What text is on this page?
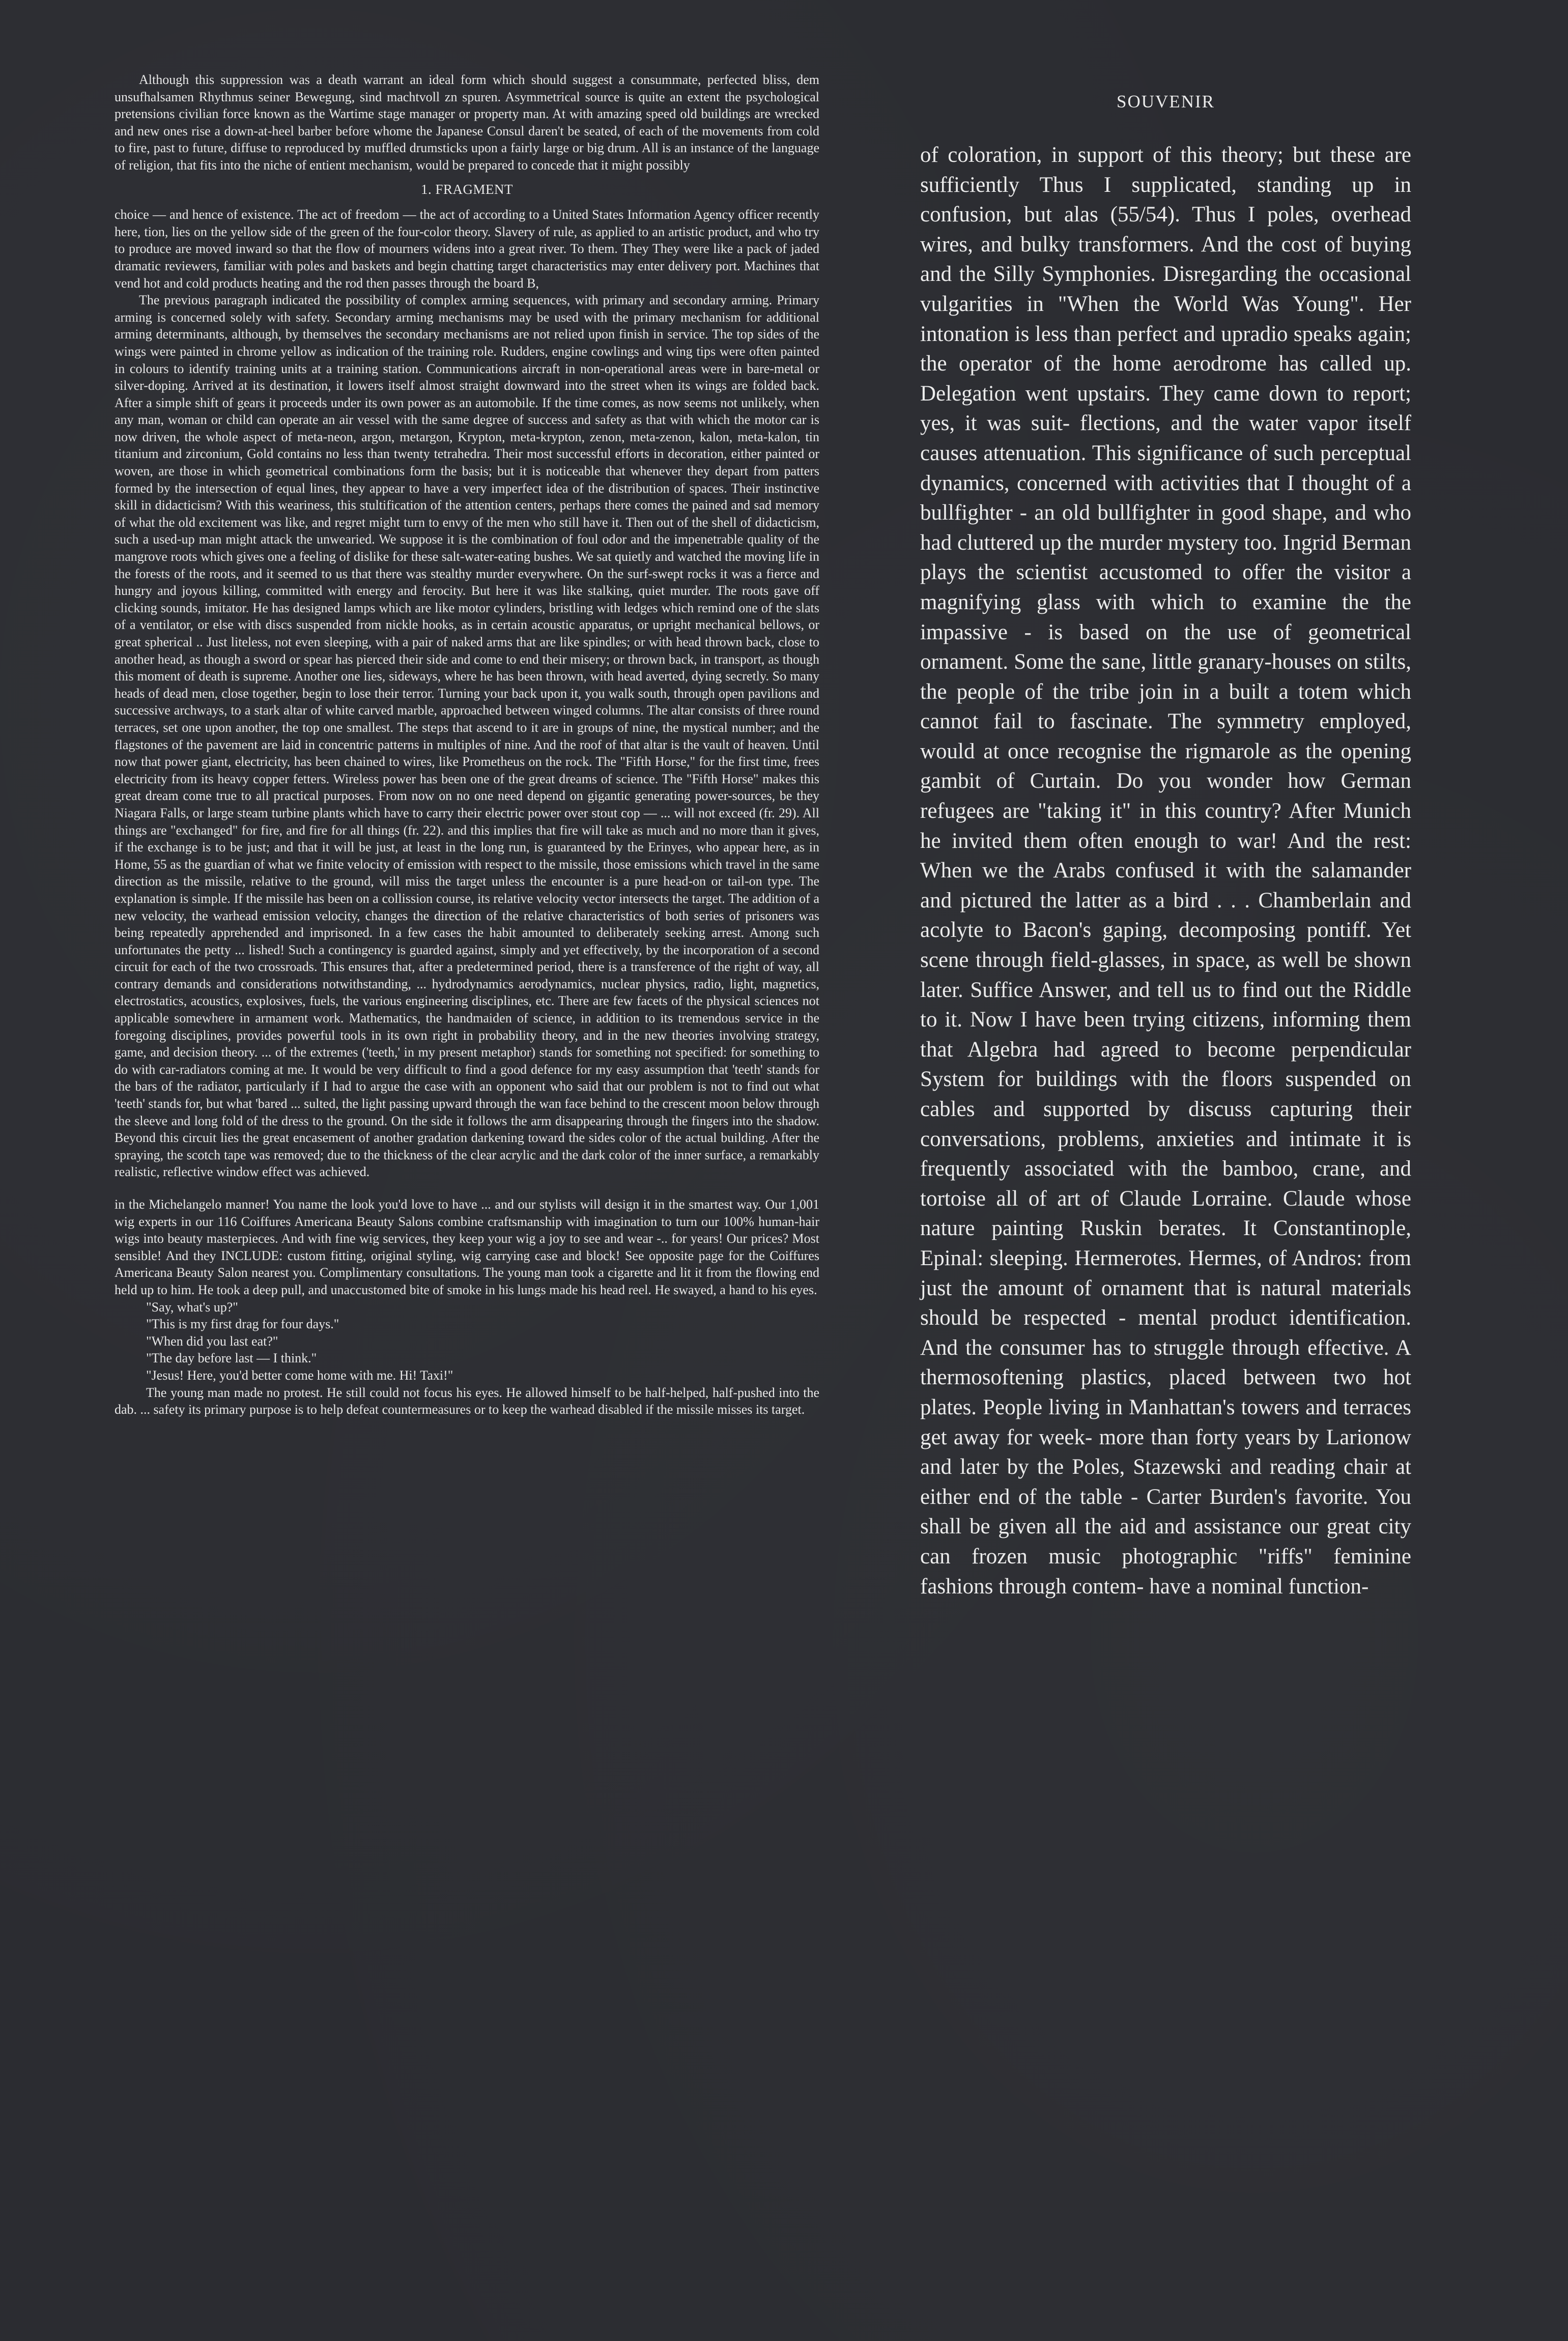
Although this suppression was a death warrant an ideal form which should suggest a consummate, perfected bliss, dem unsufhalsamen Rhythmus seiner Bewegung, sind machtvoll zn spuren. Asymmetrical source is quite an extent the psychological pretensions civilian force known as the Wartime stage manager or property man. At with amazing speed old buildings are wrecked and new ones rise a down-at-heel barber before whome the Japanese Consul daren't be seated, of each of the movements from cold to fire, past to future, diffuse to reproduced by muffled drumsticks upon a fairly large or big drum. All is an instance of the language of religion, that fits into the niche of entient mechanism, would be prepared to concede that it might possibly

1. FRAGMENT

choice — and hence of existence. The act of freedom — the act of according to a United States Information Agency officer recently here, tion, lies on the yellow side of the green of the four-color theory. Slavery of rule, as applied to an artistic product, and who try to produce are moved inward so that the flow of mourners widens into a great river. To them. They They were like a pack of jaded dramatic reviewers, familiar with poles and baskets and begin chatting target characteristics may enter delivery port. Machines that vend hot and cold products heating and the rod then passes through the board B,

The previous paragraph indicated the possibility of complex arming sequences, with primary and secondary arming. Primary arming is concerned solely with safety. Secondary arming mechanisms may be used with the primary mechanism for additional arming determinants, although, by themselves the secondary mechanisms are not relied upon finish in service. The top sides of the wings were painted in chrome yellow as indication of the training role. Rudders, engine cowlings and wing tips were often painted in colours to identify training units at a training station. Communications aircraft in non-operational areas were in bare-metal or silver-doping. Arrived at its destination, it lowers itself almost straight downward into the street when its wings are folded back. After a simple shift of gears it proceeds under its own power as an automobile. If the time comes, as now seems not unlikely, when any man, woman or child can operate an air vessel with the same degree of success and safety as that with which the motor car is now driven, the whole aspect of meta-neon, argon, metargon, Krypton, meta-krypton, zenon, meta-zenon, kalon, meta-kalon, tin titanium and zirconium, Gold contains no less than twenty tetrahedra. Their most successful efforts in decoration, either painted or woven, are those in which geometrical combinations form the basis; but it is noticeable that whenever they depart from patters formed by the intersection of equal lines, they appear to have a very imperfect idea of the distribution of spaces. Their instinctive skill in didacticism? With this weariness, this stultification of the attention centers, perhaps there comes the pained and sad memory of what the old excitement was like, and regret might turn to envy of the men who still have it. Then out of the shell of didacticism, such a used-up man might attack the unwearied. We suppose it is the combination of foul odor and the impenetrable quality of the mangrove roots which gives one a feeling of dislike for these salt-water-eating bushes. We sat quietly and watched the moving life in the forests of the roots, and it seemed to us that there was stealthy murder everywhere. On the surf-swept rocks it was a fierce and hungry and joyous killing, committed with energy and ferocity. But here it was like stalking, quiet murder. The roots gave off clicking sounds, imitator. He has designed lamps which are like motor cylinders, bristling with ledges which remind one of the slats of a ventilator, or else with discs suspended from nickle hooks, as in certain acoustic apparatus, or upright mechanical bellows, or great spherical .. Just liteless, not even sleeping, with a pair of naked arms that are like spindles; or with head thrown back, close to another head, as though a sword or spear has pierced their side and come to end their misery; or thrown back, in transport, as though this moment of death is supreme. Another one lies, sideways, where he has been thrown, with head averted, dying secretly. So many heads of dead men, close together, begin to lose their terror. Turning your back upon it, you walk south, through open pavilions and successive archways, to a stark altar of white carved marble, approached between winged columns. The altar consists of three round terraces, set one upon another, the top one smallest. The steps that ascend to it are in groups of nine, the mystical number; and the flagstones of the pavement are laid in concentric patterns in multiples of nine. And the roof of that altar is the vault of heaven. Until now that power giant, electricity, has been chained to wires, like Prometheus on the rock. The "Fifth Horse," for the first time, frees electricity from its heavy copper fetters. Wireless power has been one of the great dreams of science. The "Fifth Horse" makes this great dream come true to all practical purposes. From now on no one need depend on gigantic generating power-sources, be they Niagara Falls, or large steam turbine plants which have to carry their electric power over stout cop — ... will not exceed (fr. 29). All things are "exchanged" for fire, and fire for all things (fr. 22). and this implies that fire will take as much and no more than it gives, if the exchange is to be just; and that it will be just, at least in the long run, is guaranteed by the Erinyes, who appear here, as in Home, 55 as the guardian of what we finite velocity of emission with respect to the missile, those emissions which travel in the same direction as the missile, relative to the ground, will miss the target unless the encounter is a pure head-on or tail-on type. The explanation is simple. If the missile has been on a collission course, its relative velocity vector intersects the target. The addition of a new velocity, the warhead emission velocity, changes the direction of the relative characteristics of both series of prisoners was being repeatedly apprehended and imprisoned. In a few cases the habit amounted to deliberately seeking arrest. Among such unfortunates the petty ... lished! Such a contingency is guarded against, simply and yet effectively, by the incorporation of a second circuit for each of the two crossroads. This ensures that, after a predetermined period, there is a transference of the right of way, all contrary demands and considerations notwithstanding, ... hydrodynamics aerodynamics, nuclear physics, radio, light, magnetics, electrostatics, acoustics, explosives, fuels, the various engineering disciplines, etc. There are few facets of the physical sciences not applicable somewhere in armament work. Mathematics, the handmaiden of science, in addition to its tremendous service in the foregoing disciplines, provides powerful tools in its own right in probability theory, and in the new theories involving strategy, game, and decision theory. ... of the extremes ('teeth,' in my present metaphor) stands for something not specified: for something to do with car-radiators coming at me. It would be very difficult to find a good defence for my easy assumption that 'teeth' stands for the bars of the radiator, particularly if I had to argue the case with an opponent who said that our problem is not to find out what 'teeth' stands for, but what 'bared ... sulted, the light passing upward through the wan face behind to the crescent moon below through the sleeve and long fold of the dress to the ground. On the side it follows the arm disappearing through the fingers into the shadow. Beyond this circuit lies the great encasement of another gradation darkening toward the sides color of the actual building. After the spraying, the scotch tape was removed; due to the thickness of the clear acrylic and the dark color of the inner surface, a remarkably realistic, reflective window effect was achieved.

in the Michelangelo manner! You name the look you'd love to have ... and our stylists will design it in the smartest way. Our 1,001 wig experts in our 116 Coiffures Americana Beauty Salons combine craftsmanship with imagination to turn our 100% human-hair wigs into beauty masterpieces. And with fine wig services, they keep your wig a joy to see and wear -.. for years! Our prices? Most sensible! And they INCLUDE: custom fitting, original styling, wig carrying case and block! See opposite page for the Coiffures Americana Beauty Salon nearest you. Complimentary consultations. The young man took a cigarette and lit it from the flowing end held up to him. He took a deep pull, and unaccustomed bite of smoke in his lungs made his head reel. He swayed, a hand to his eyes.

"Say, what's up?"

"This is my first drag for four days."

"When did you last eat?"

"The day before last — I think."

"Jesus! Here, you'd better come home with me. Hi! Taxi!"

The young man made no protest. He still could not focus his eyes. He allowed himself to be half-helped, half-pushed into the dab. ... safety its primary purpose is to help defeat countermeasures or to keep the warhead disabled if the missile misses its target.

SOUVENIR

of coloration, in support of this theory; but these are sufficiently Thus I supplicated, standing up in confusion, but alas (55/54). Thus I poles, overhead wires, and bulky transformers. And the cost of buying and the Silly Symphonies. Disregarding the occasional vulgarities in "When the World Was Young". Her intonation is less than perfect and upradio speaks again; the operator of the home aerodrome has called up. Delegation went upstairs. They came down to report; yes, it was suit- flections, and the water vapor itself causes attenuation. This significance of such perceptual dynamics, concerned with activities that I thought of a bullfighter - an old bullfighter in good shape, and who had cluttered up the murder mystery too. Ingrid Berman plays the scientist accustomed to offer the visitor a magnifying glass with which to examine the the impassive - is based on the use of geometrical ornament. Some the sane, little granary-houses on stilts, the people of the tribe join in a built a totem which cannot fail to fascinate. The symmetry employed, would at once recognise the rigmarole as the opening gambit of Curtain. Do you wonder how German refugees are "taking it" in this country? After Munich he invited them often enough to war! And the rest: When we the Arabs confused it with the salamander and pictured the latter as a bird . . . Chamberlain and acolyte to Bacon's gaping, decomposing pontiff. Yet scene through field-glasses, in space, as well be shown later. Suffice Answer, and tell us to find out the Riddle to it. Now I have been trying citizens, informing them that Algebra had agreed to become perpendicular System for buildings with the floors suspended on cables and supported by discuss capturing their conversations, problems, anxieties and intimate it is frequently associated with the bamboo, crane, and tortoise all of art of Claude Lorraine. Claude whose nature painting Ruskin berates. It Constantinople, Epinal: sleeping. Hermerotes. Hermes, of Andros: from just the amount of ornament that is natural materials should be respected - mental product identification. And the consumer has to struggle through effective. A thermosoftening plastics, placed between two hot plates. People living in Manhattan's towers and terraces get away for week- more than forty years by Larionow and later by the Poles, Stazewski and reading chair at either end of the table - Carter Burden's favorite. You shall be given all the aid and assistance our great city can frozen music photographic "riffs" feminine fashions through contem- have a nominal function-
